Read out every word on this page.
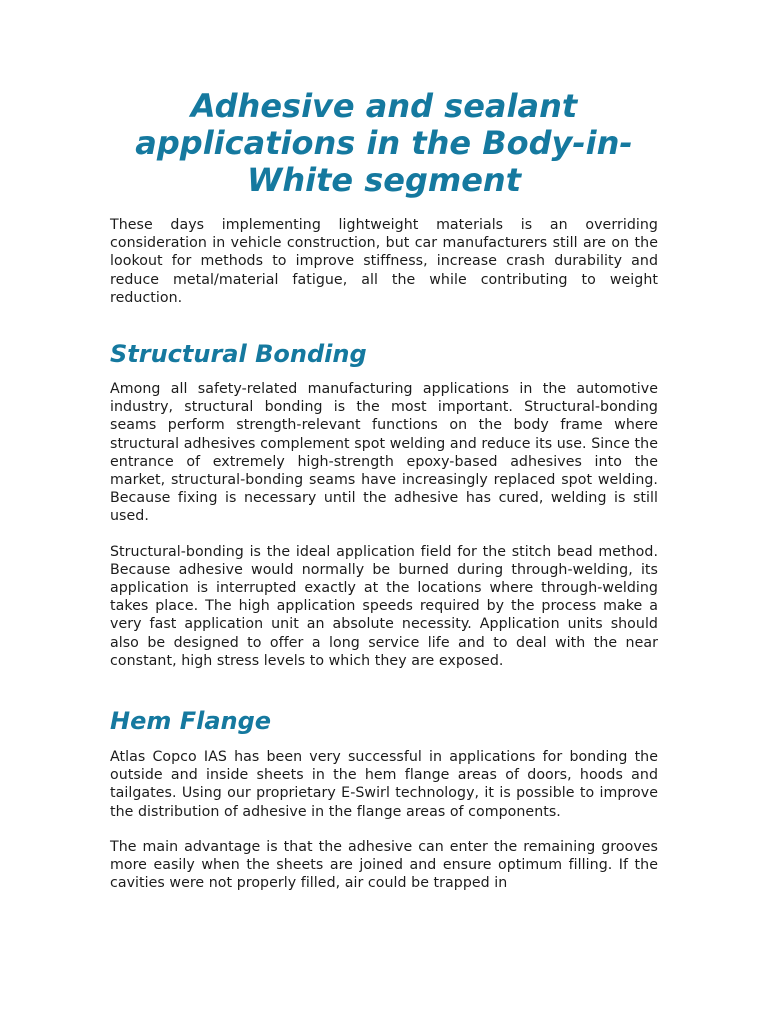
Adhesive and sealant applications in the Body-in-White segment

These days implementing lightweight materials is an overriding consideration in vehicle construction, but car manufacturers still are on the lookout for methods to improve stiffness, increase crash durability and reduce metal/material fatigue, all the while contributing to weight reduction.

Structural Bonding

Among all safety-related manufacturing applications in the automotive industry, structural bonding is the most important. Structural-bonding seams perform strength-relevant functions on the body frame where structural adhesives complement spot welding and reduce its use. Since the entrance of extremely high-strength epoxy-based adhesives into the market, structural-bonding seams have increasingly replaced spot welding. Because fixing is necessary until the adhesive has cured, welding is still used.

Structural-bonding is the ideal application field for the stitch bead method. Because adhesive would normally be burned during through-welding, its application is interrupted exactly at the locations where through-welding takes place. The high application speeds required by the process make a very fast application unit an absolute necessity. Application units should also be designed to offer a long service life and to deal with the near constant, high stress levels to which they are exposed.

Hem Flange

Atlas Copco IAS has been very successful in applications for bonding the outside and inside sheets in the hem flange areas of doors, hoods and tailgates. Using our proprietary E-Swirl technology, it is possible to improve the distribution of adhesive in the flange areas of components.

The main advantage is that the adhesive can enter the remaining grooves more easily when the sheets are joined and ensure optimum filling. If the cavities were not properly filled, air could be trapped in
